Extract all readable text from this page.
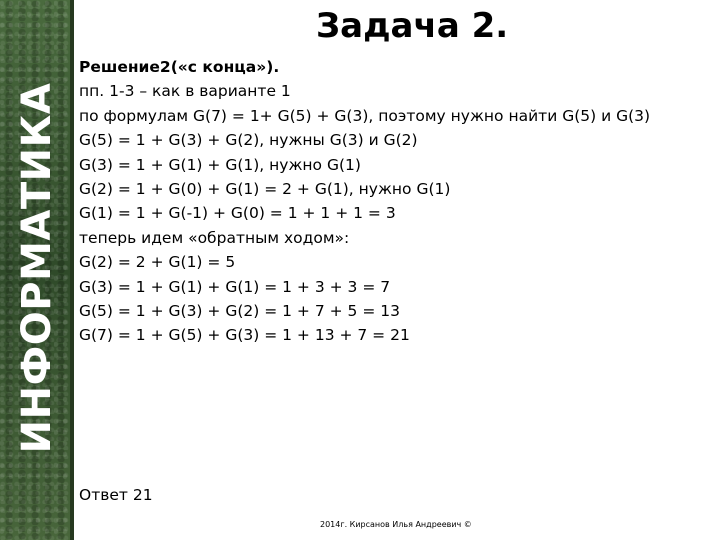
ИНФОРМАТИКА
Задача 2.
Решение2(«с конца»).
пп. 1-3 – как в варианте 1
по формулам G(7) = 1+ G(5) + G(3), поэтому нужно найти G(5) и G(3)
G(5) = 1 + G(3) + G(2), нужны G(3) и G(2)
G(3) = 1 + G(1) + G(1), нужно G(1)
G(2) = 1 + G(0) + G(1) = 2 + G(1), нужно G(1)
G(1) = 1 + G(-1) + G(0) = 1 + 1 + 1 = 3
теперь идем «обратным ходом»:
G(2) = 2 + G(1) = 5
G(3) = 1 + G(1) + G(1) = 1 + 3 + 3 = 7
G(5) = 1 + G(3) + G(2) = 1 + 7 + 5 = 13
G(7) = 1 + G(5) + G(3) = 1 + 13 + 7 = 21
Ответ 21
2014г. Кирсанов Илья Андреевич ©
